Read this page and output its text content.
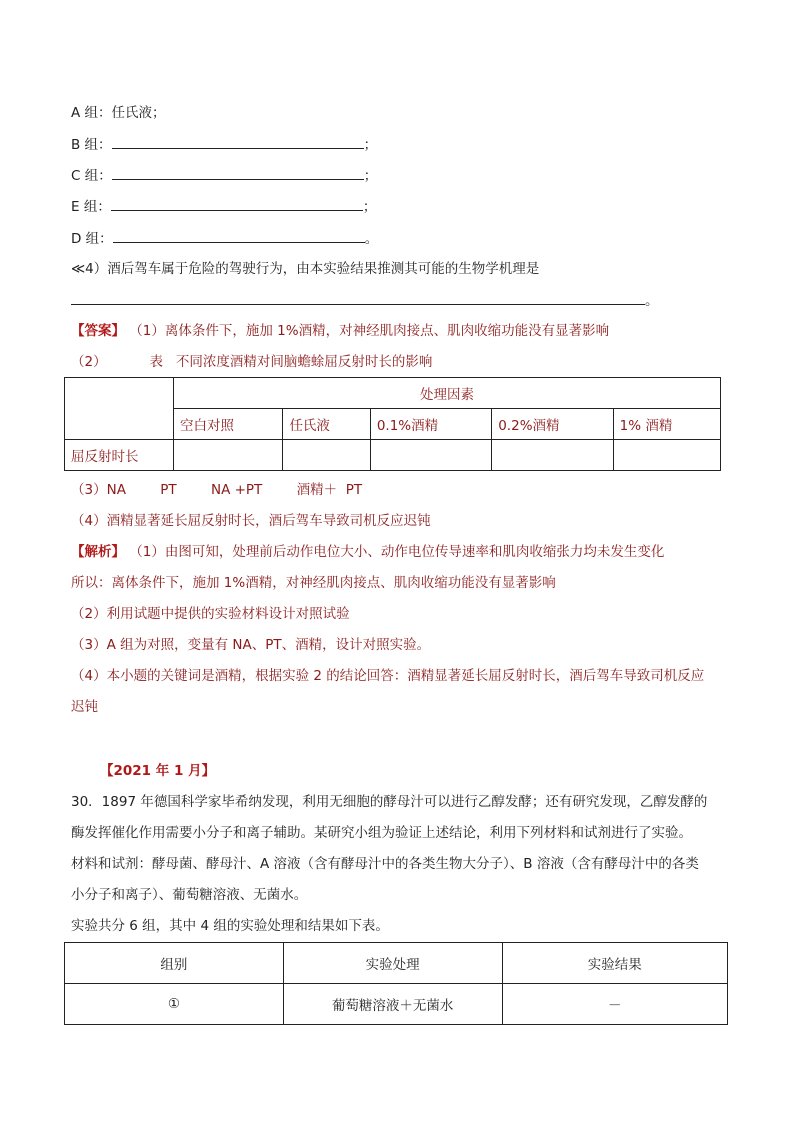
A 组：任氏液；
B 组：	；
C 组：	；
E 组：	；
D 组：	。
≪4）酒后驾车属于危险的驾驶行为，由本实验结果推测其可能的生物学机理是
。
【答案】 （1）离体条件下，施加 1%酒精，对神经肌肉接点、肌肉收缩功能没有显著影响
（2）          表   不同浓度酒精对间脑蟾蜍屈反射时长的影响
	处理因素				
	空白对照	任氏液	0.1%酒精	0.2%酒精	1% 酒精
屈反射时长					
（3）NA        PT        NA +PT        酒精＋  PT
（4）酒精显著延长屈反射时长，酒后驾车导致司机反应迟钝
【解析】 （1）由图可知，处理前后动作电位大小、动作电位传导速率和肌肉收缩张力均未发生变化
所以：离体条件下，施加 1%酒精，对神经肌肉接点、肌肉收缩功能没有显著影响
（2）利用试题中提供的实验材料设计对照试验
（3）A 组为对照，变量有 NA、PT、酒精，设计对照实验。
（4）本小题的关键词是酒精，根据实验 2 的结论回答：酒精显著延长屈反射时长，酒后驾车导致司机反应
迟钝
【2021 年 1 月】
30．1897 年德国科学家毕希纳发现，利用无细胞的酵母汁可以进行乙醇发酵；还有研究发现，乙醇发酵的
酶发挥催化作用需要小分子和离子辅助。某研究小组为验证上述结论，利用下列材料和试剂进行了实验。
材料和试剂：酵母菌、酵母汁、A 溶液（含有酵母汁中的各类生物大分子）、B 溶液（含有酵母汁中的各类
小分子和离子）、葡萄糖溶液、无菌水。
实验共分 6 组，其中 4 组的实验处理和结果如下表。
组别	实验处理	实验结果
①	葡萄糖溶液＋无菌水	－
